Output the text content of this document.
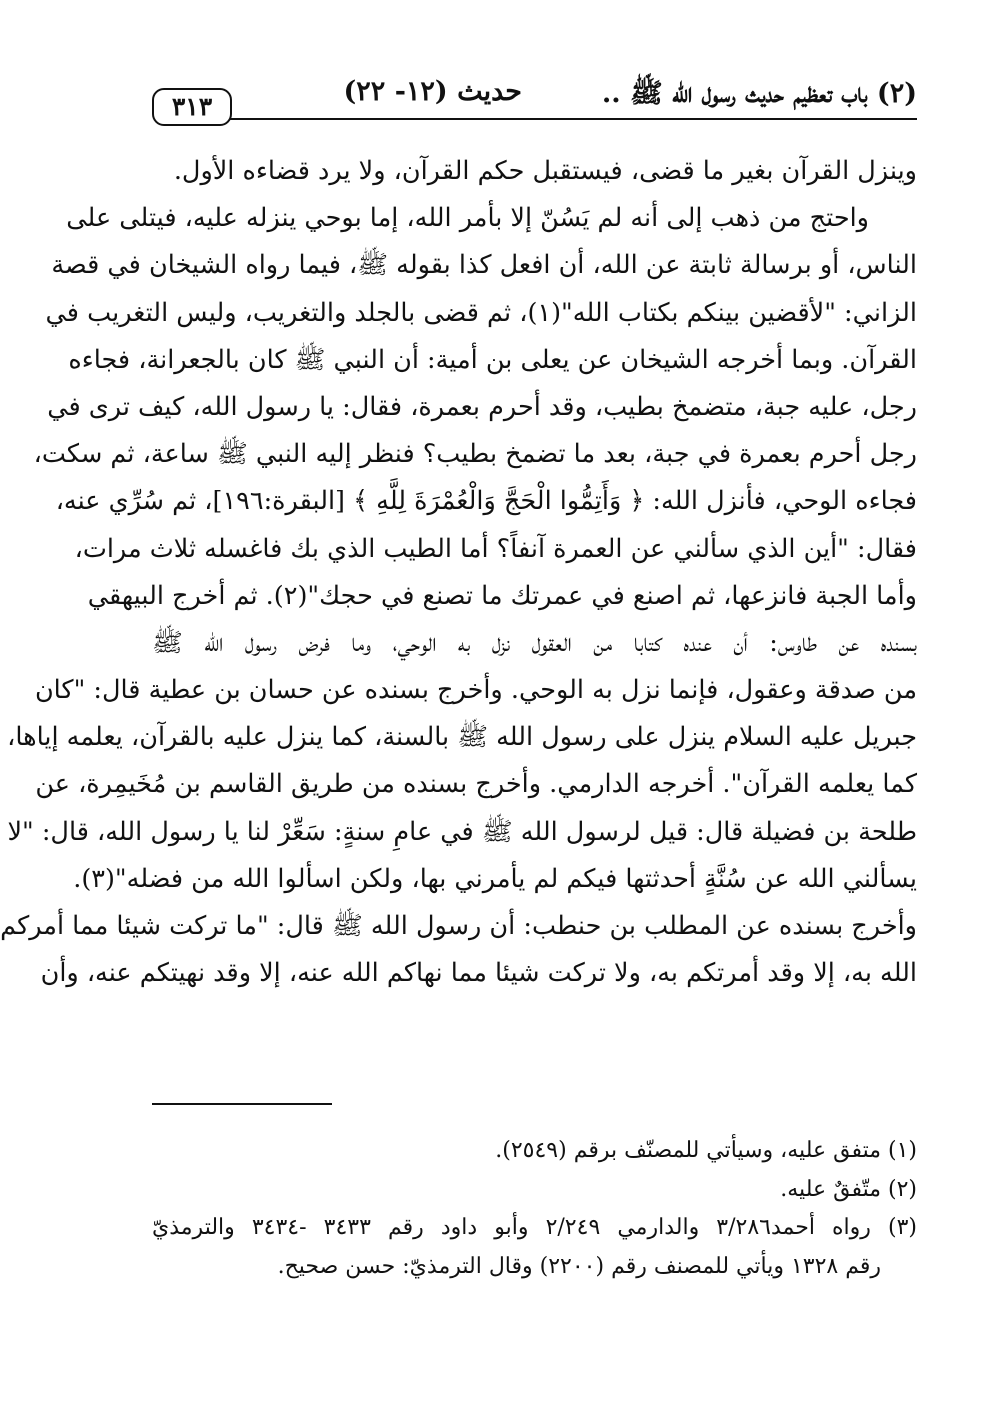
(٢) باب تعظيم حديث رسول الله ﷺ ..
حديث (١٢- ٢٢)
٣١٣
وينزل القرآن بغير ما قضى، فيستقبل حكم القرآن، ولا يرد قضاءه الأول.
واحتج من ذهب إلى أنه لم يَسُنّ إلا بأمر الله، إما بوحي ينزله عليه، فيتلى على
الناس، أو برسالة ثابتة عن الله، أن افعل كذا بقوله ﷺ، فيما رواه الشيخان في قصة
الزاني: "لأقضين بينكم بكتاب الله"(١)، ثم قضى بالجلد والتغريب، وليس التغريب في
القرآن. وبما أخرجه الشيخان عن يعلى بن أمية: أن النبي ﷺ كان بالجعرانة، فجاءه
رجل، عليه جبة، متضمخ بطيب، وقد أحرم بعمرة، فقال: يا رسول الله، كيف ترى في
رجل أحرم بعمرة في جبة، بعد ما تضمخ بطيب؟ فنظر إليه النبي ﷺ ساعة، ثم سكت،
فجاءه الوحي، فأنزل الله: ﴿ وَأَتِمُّوا الْحَجَّ وَالْعُمْرَةَ لِلَّهِ ﴾ [البقرة:١٩٦]، ثم سُرِّي عنه،
فقال: "أين الذي سألني عن العمرة آنفاً؟ أما الطيب الذي بك فاغسله ثلاث مرات،
وأما الجبة فانزعها، ثم اصنع في عمرتك ما تصنع في حجك"(٢). ثم أخرج البيهقي
بسنده عن طاوس: أن عنده كتابا من العقول نزل به الوحي، وما فرض رسول الله ﷺ
من صدقة وعقول، فإنما نزل به الوحي. وأخرج بسنده عن حسان بن عطية قال: "كان
جبريل عليه السلام ينزل على رسول الله ﷺ بالسنة، كما ينزل عليه بالقرآن، يعلمه إياها،
كما يعلمه القرآن". أخرجه الدارمي. وأخرج بسنده من طريق القاسم بن مُخَيمِرة، عن
طلحة بن فضيلة قال: قيل لرسول الله ﷺ في عامِ سنةٍ: سَعِّرْ لنا يا رسول الله، قال: "لا
يسألني الله عن سُنَّةٍ أحدثتها فيكم لم يأمرني بها، ولكن اسألوا الله من فضله"(٣).
وأخرج بسنده عن المطلب بن حنطب: أن رسول الله ﷺ قال: "ما تركت شيئا مما أمركم
الله به، إلا وقد أمرتكم به، ولا تركت شيئا مما نهاكم الله عنه، إلا وقد نهيتكم عنه، وأن
(١) متفق عليه، وسيأتي للمصنّف برقم (٢٥٤٩).
(٢) متّفقٌ عليه.
(٣) رواه أحمد٣/٢٨٦ والدارمي ٢/٢٤٩ وأبو داود رقم ٣٤٣٣ -٣٤٣٤ والترمذيّ
رقم ١٣٢٨ ويأتي للمصنف رقم (٢٢٠٠) وقال الترمذيّ: حسن صحيح.
